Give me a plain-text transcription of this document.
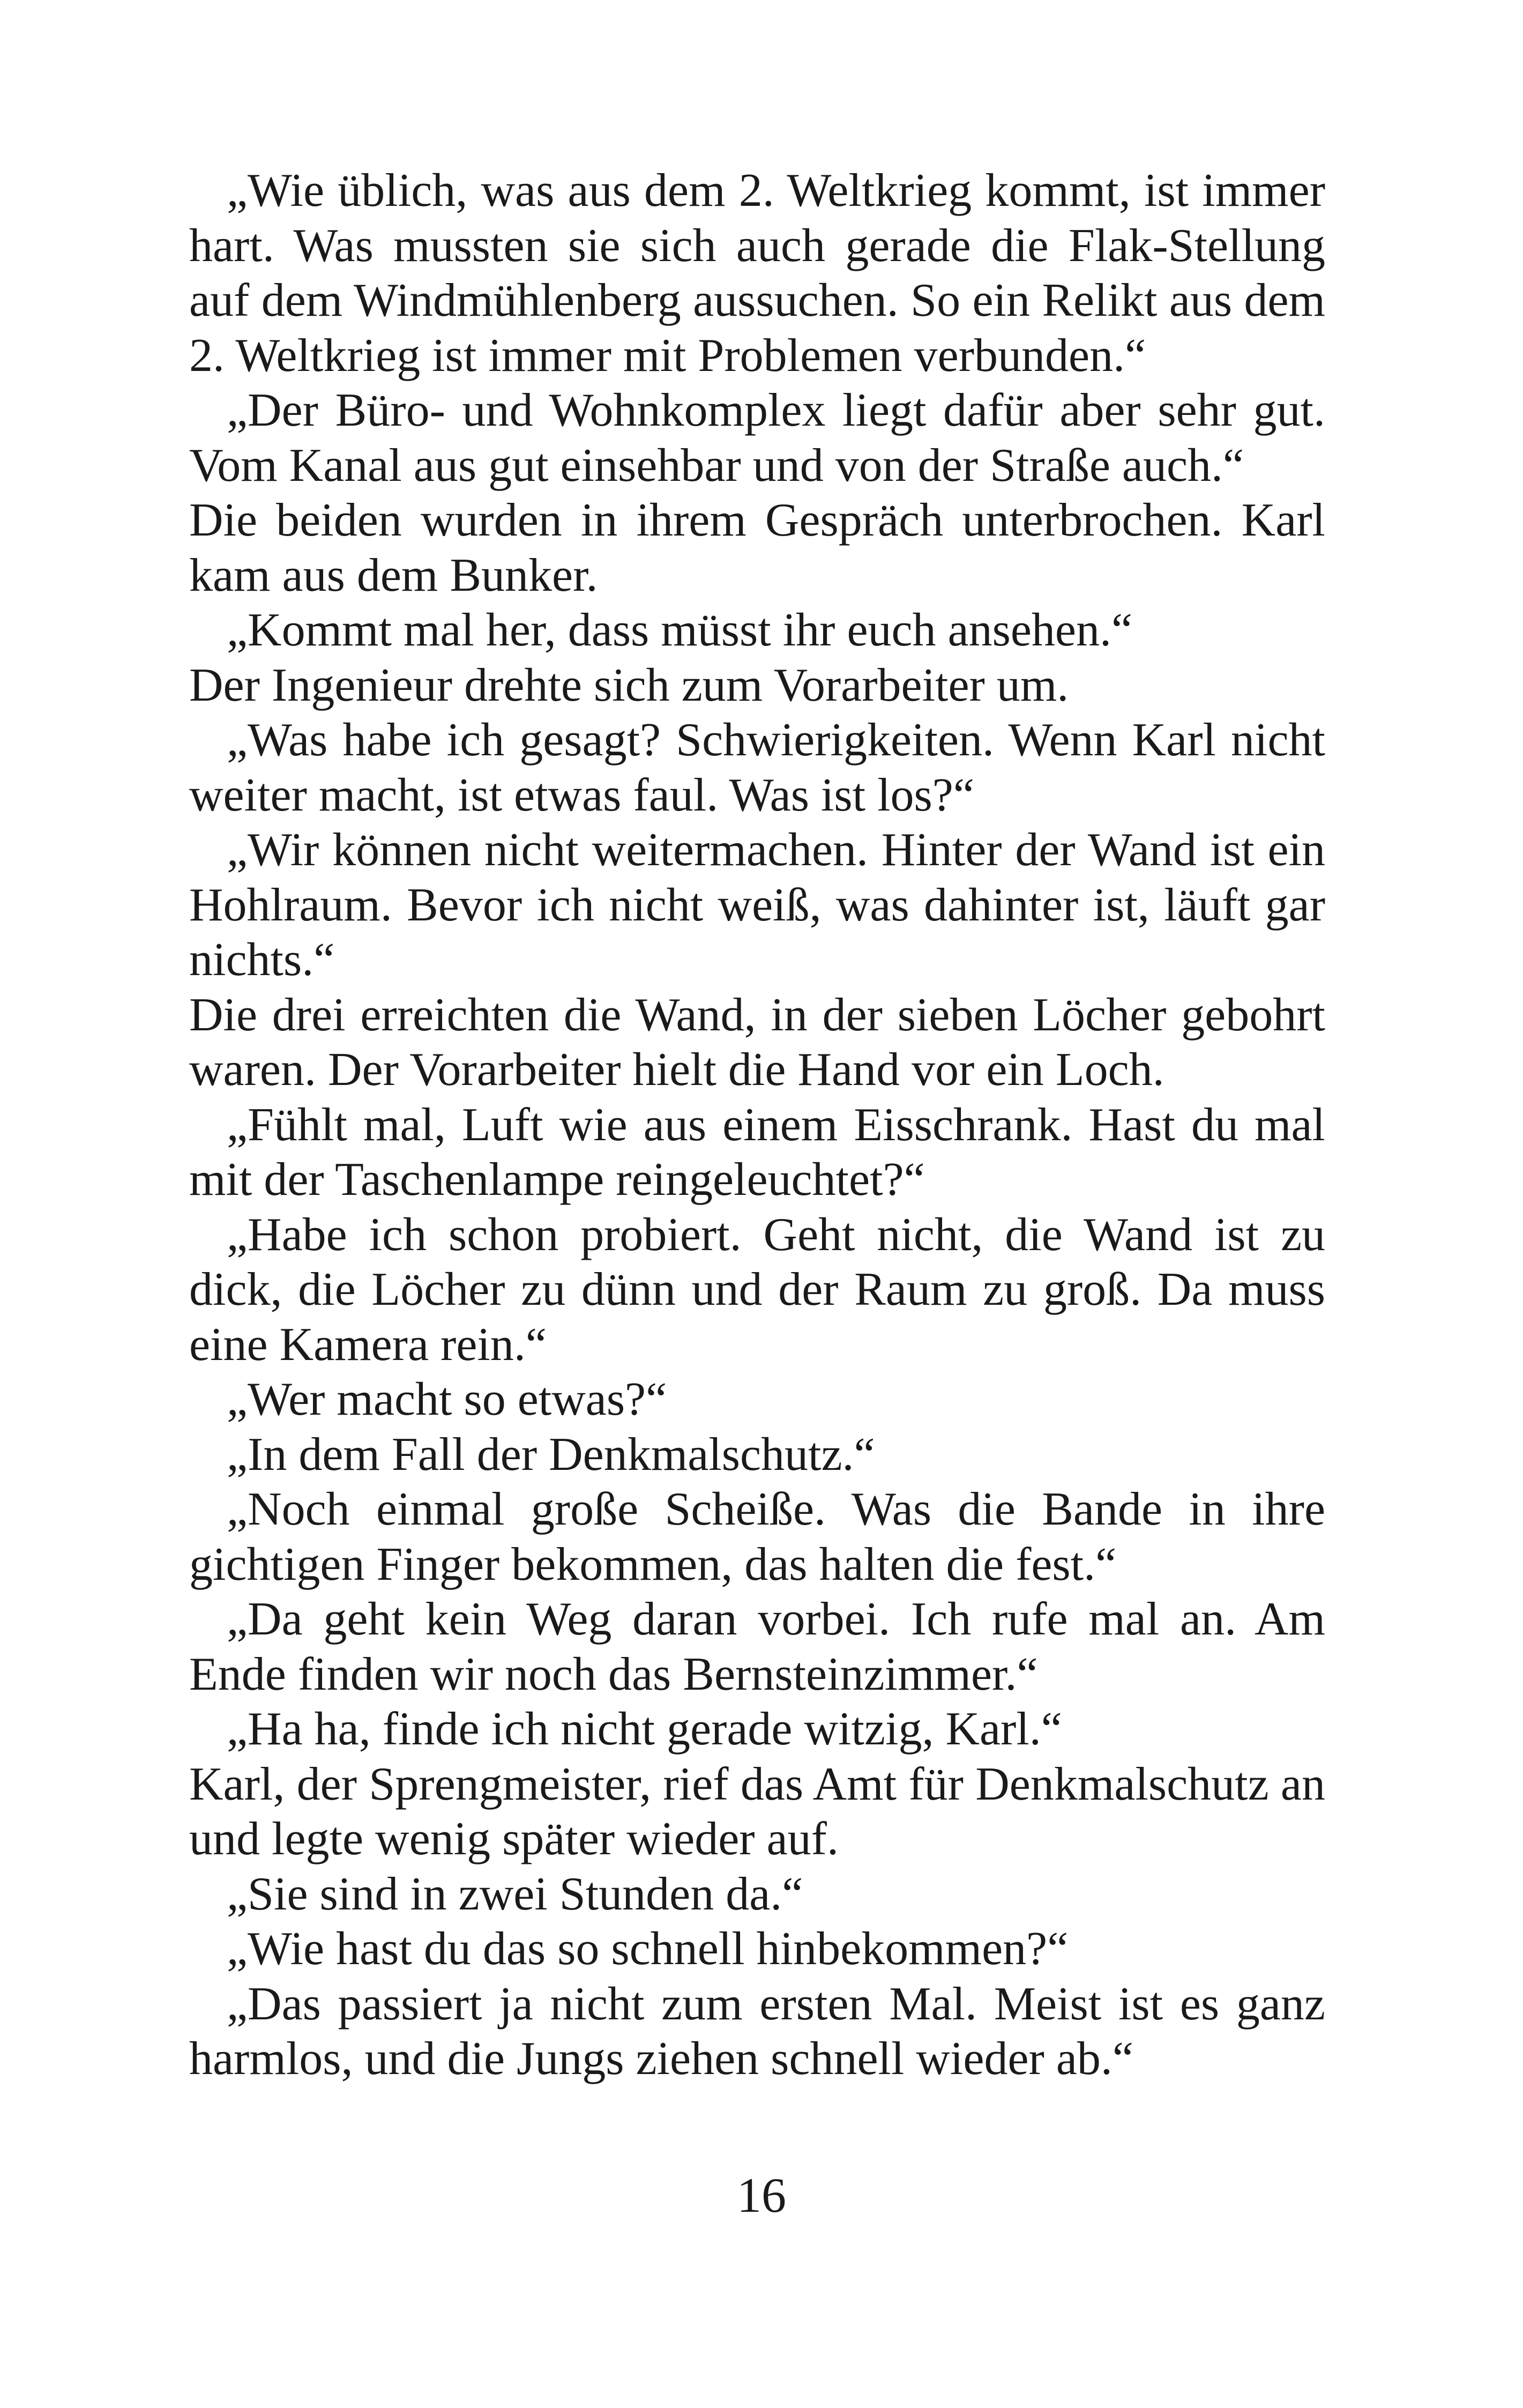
„Wie üblich, was aus dem 2. Weltkrieg kommt, ist immer hart. Was mussten sie sich auch gerade die Flak-Stellung auf dem Windmühlenberg aussuchen. So ein Relikt aus dem 2. Weltkrieg ist immer mit Problemen verbunden.“

„Der Büro- und Wohnkomplex liegt dafür aber sehr gut. Vom Kanal aus gut einsehbar und von der Straße auch.“

Die beiden wurden in ihrem Gespräch unterbrochen. Karl kam aus dem Bunker.

„Kommt mal her, dass müsst ihr euch ansehen.“

Der Ingenieur drehte sich zum Vorarbeiter um.

„Was habe ich gesagt? Schwierigkeiten. Wenn Karl nicht weiter macht, ist etwas faul. Was ist los?“

„Wir können nicht weitermachen. Hinter der Wand ist ein Hohlraum. Bevor ich nicht weiß, was dahinter ist, läuft gar nichts.“

Die drei erreichten die Wand, in der sieben Löcher gebohrt waren. Der Vorarbeiter hielt die Hand vor ein Loch.

„Fühlt mal, Luft wie aus einem Eisschrank. Hast du mal mit der Taschenlampe reingeleuchtet?“

„Habe ich schon probiert. Geht nicht, die Wand ist zu dick, die Löcher zu dünn und der Raum zu groß. Da muss eine Kamera rein.“

„Wer macht so etwas?“

„In dem Fall der Denkmalschutz.“

„Noch einmal große Scheiße. Was die Bande in ihre gichtigen Finger bekommen, das halten die fest.“

„Da geht kein Weg daran vorbei. Ich rufe mal an. Am Ende finden wir noch das Bernsteinzimmer.“

„Ha ha, finde ich nicht gerade witzig, Karl.“

Karl, der Sprengmeister, rief das Amt für Denkmalschutz an und legte wenig später wieder auf.

„Sie sind in zwei Stunden da.“

„Wie hast du das so schnell hinbekommen?“

„Das passiert ja nicht zum ersten Mal. Meist ist es ganz harmlos, und die Jungs ziehen schnell wieder ab.“

16
